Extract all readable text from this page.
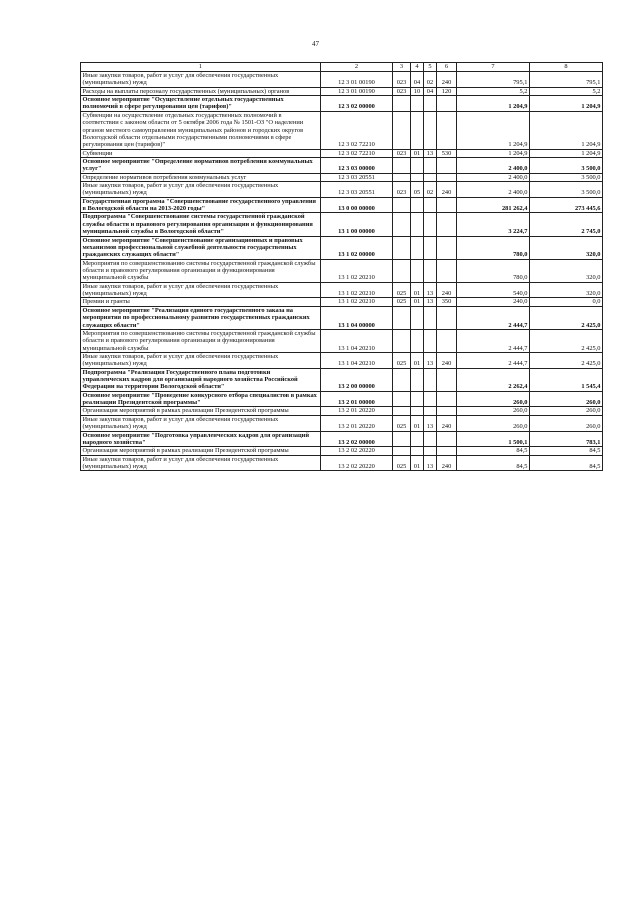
47
1	2	3	4	5	6	7	8
Иные закупки товаров, работ и услуг для обеспечения государственных (муниципальных) нужд	12 3 01 00190	023	04	02	240	795,1	795,1
Расходы на выплаты персоналу государственных (муниципальных) органов	12 3 01 00190	023	10	04	120	5,2	5,2
Основное мероприятие "Осуществление отдельных государственных полномочий в сфере регулирования цен (тарифов)"	12 3 02 00000					1 204,9	1 204,9
Субвенции на осуществление отдельных государственных полномочий в соответствии с законом области от 5 октября 2006 года № 1501-ОЗ "О наделении органов местного самоуправления муниципальных районов и городских округов Вологодской области отдельными государственными полномочиями в сфере регулирования цен (тарифов)"	12 3 02 72210					1 204,9	1 204,9
Субвенции	12 3 02 72210	023	01	13	530	1 204,9	1 204,9
Основное мероприятие "Определение нормативов потребления коммунальных услуг"	12 3 03 00000					2 400,0	3 500,0
Определение нормативов потребления коммунальных услуг	12 3 03 20551					2 400,0	3 500,0
Иные закупки товаров, работ и услуг для обеспечения государственных (муниципальных) нужд	12 3 03 20551	023	05	02	240	2 400,0	3 500,0
Государственная программа "Совершенствование государственного управления в Вологодской области на 2013-2020 годы"	13 0 00 00000					281 262,4	273 445,6
Подпрограмма "Совершенствование системы государственной гражданской службы области и правового регулирования организации и функционирования муниципальной службы в Вологодской области"	13 1 00 00000					3 224,7	2 745,0
Основное мероприятие "Совершенствование организационных и правовых механизмов профессиональной служебной деятельности государственных гражданских служащих области"	13 1 02 00000					780,0	320,0
Мероприятия по совершенствованию системы государственной гражданской службы области и правового регулирования организации и функционирования муниципальной службы	13 1 02 20210					780,0	320,0
Иные закупки товаров, работ и услуг для обеспечения государственных (муниципальных) нужд	13 1 02 20210	025	01	13	240	540,0	320,0
Премии и гранты	13 1 02 20210	025	01	13	350	240,0	0,0
Основное мероприятие "Реализация единого государственного заказа на мероприятия по профессиональному развитию государственных гражданских служащих области"	13 1 04 00000					2 444,7	2 425,0
Мероприятия по совершенствованию системы государственной гражданской службы области и правового регулирования организации и функционирования муниципальной службы	13 1 04 20210					2 444,7	2 425,0
Иные закупки товаров, работ и услуг для обеспечения государственных (муниципальных) нужд	13 1 04 20210	025	01	13	240	2 444,7	2 425,0
Подпрограмма "Реализация Государственного плана подготовки управленческих кадров для организаций народного хозяйства Российской Федерации на территории Вологодской области"	13 2 00 00000					2 262,4	1 545,4
Основное мероприятие "Проведение конкурсного отбора специалистов в рамках реализации Президентской программы"	13 2 01 00000					260,0	260,0
Организация мероприятий в рамках реализации Президентской программы	13 2 01 20220					260,0	260,0
Иные закупки товаров, работ и услуг для обеспечения государственных (муниципальных) нужд	13 2 01 20220	025	01	13	240	260,0	260,0
Основное мероприятие "Подготовка управленческих кадров для организаций народного хозяйства"	13 2 02 00000					1 500,1	783,1
Организация мероприятий в рамках реализации Президентской программы	13 2 02 20220					84,5	84,5
Иные закупки товаров, работ и услуг для обеспечения государственных (муниципальных) нужд	13 2 02 20220	025	01	13	240	84,5	84,5
